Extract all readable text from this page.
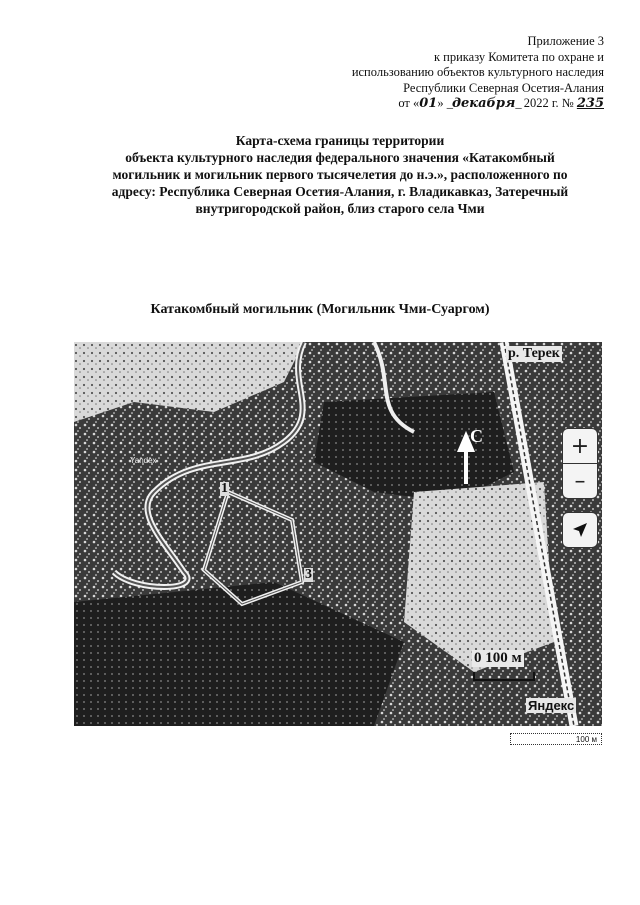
Приложение 3
к приказу Комитета по охране и
использованию объектов культурного наследия
Республики Северная Осетия-Алания
от «01» _декабря_ 2022 г. № 235
Карта-схема границы территории
объекта культурного наследия федерального значения «Катакомбный
могильник и могильник первого тысячелетия до н.э.», расположенного по
адресу: Республика Северная Осетия-Алания, г. Владикавказ, Затеречный
внутригородской район, близ старого села Чми
Катакомбный могильник (Могильник Чми-Суаргом)
Yandex
р. Терек
С
1
3
+
–
0 100 м
Яндекс
100 м
